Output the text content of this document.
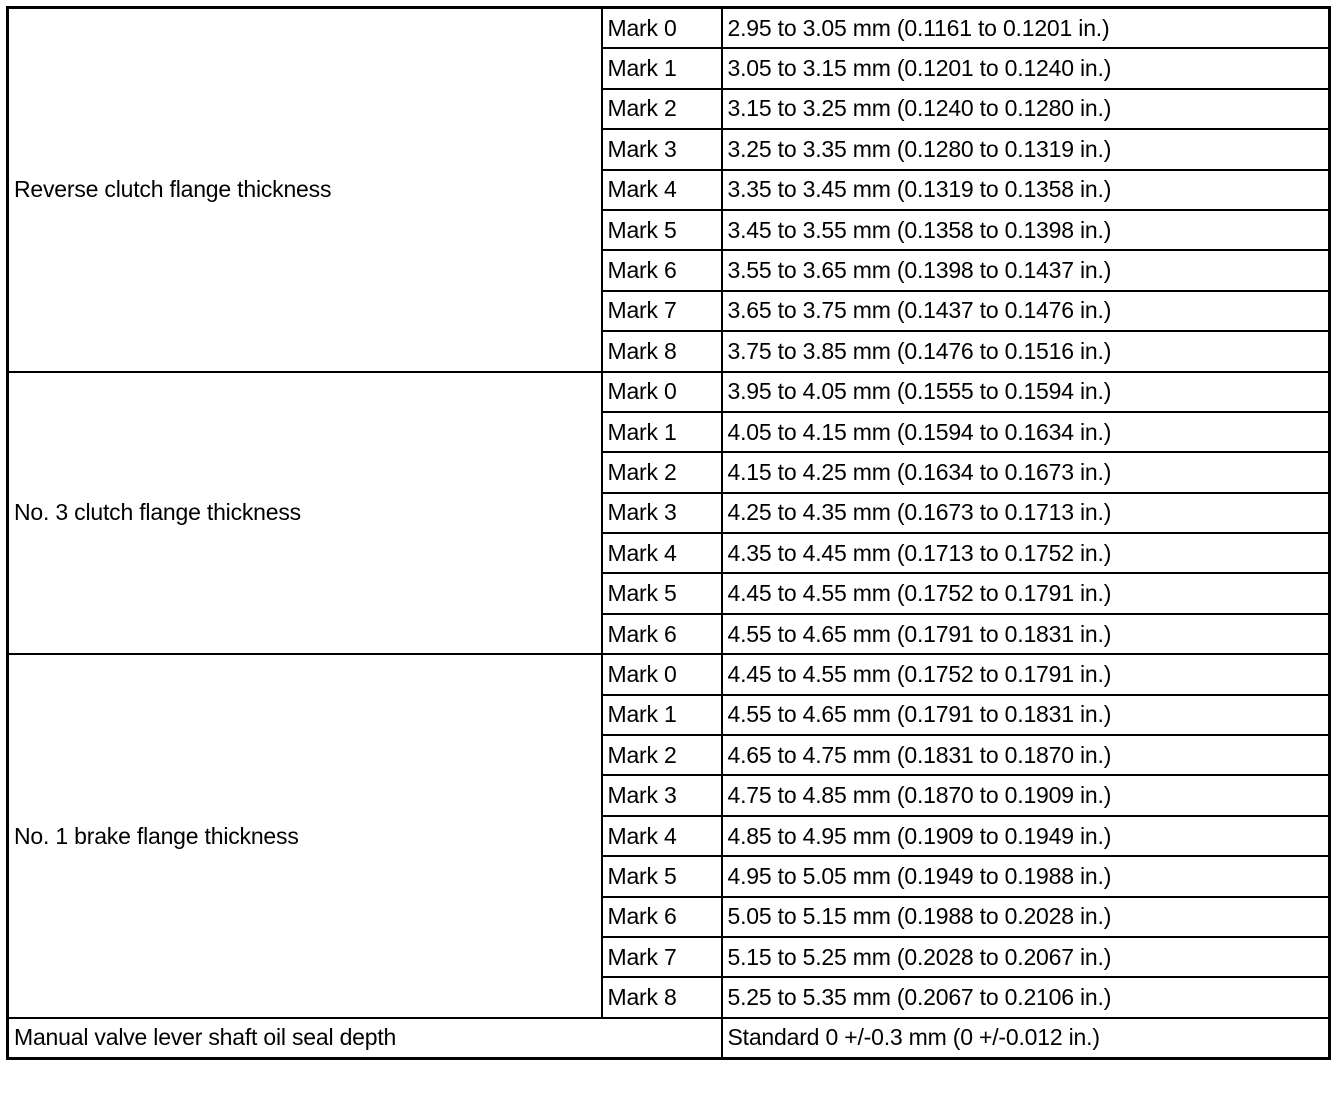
Reverse clutch flange thickness	Mark 0	2.95 to 3.05 mm (0.1161 to 0.1201 in.)
	Mark 1	3.05 to 3.15 mm (0.1201 to 0.1240 in.)
	Mark 2	3.15 to 3.25 mm (0.1240 to 0.1280 in.)
	Mark 3	3.25 to 3.35 mm (0.1280 to 0.1319 in.)
	Mark 4	3.35 to 3.45 mm (0.1319 to 0.1358 in.)
	Mark 5	3.45 to 3.55 mm (0.1358 to 0.1398 in.)
	Mark 6	3.55 to 3.65 mm (0.1398 to 0.1437 in.)
	Mark 7	3.65 to 3.75 mm (0.1437 to 0.1476 in.)
	Mark 8	3.75 to 3.85 mm (0.1476 to 0.1516 in.)
No. 3 clutch flange thickness	Mark 0	3.95 to 4.05 mm (0.1555 to 0.1594 in.)
	Mark 1	4.05 to 4.15 mm (0.1594 to 0.1634 in.)
	Mark 2	4.15 to 4.25 mm (0.1634 to 0.1673 in.)
	Mark 3	4.25 to 4.35 mm (0.1673 to 0.1713 in.)
	Mark 4	4.35 to 4.45 mm (0.1713 to 0.1752 in.)
	Mark 5	4.45 to 4.55 mm (0.1752 to 0.1791 in.)
	Mark 6	4.55 to 4.65 mm (0.1791 to 0.1831 in.)
No. 1 brake flange thickness	Mark 0	4.45 to 4.55 mm (0.1752 to 0.1791 in.)
	Mark 1	4.55 to 4.65 mm (0.1791 to 0.1831 in.)
	Mark 2	4.65 to 4.75 mm (0.1831 to 0.1870 in.)
	Mark 3	4.75 to 4.85 mm (0.1870 to 0.1909 in.)
	Mark 4	4.85 to 4.95 mm (0.1909 to 0.1949 in.)
	Mark 5	4.95 to 5.05 mm (0.1949 to 0.1988 in.)
	Mark 6	5.05 to 5.15 mm (0.1988 to 0.2028 in.)
	Mark 7	5.15 to 5.25 mm (0.2028 to 0.2067 in.)
	Mark 8	5.25 to 5.35 mm (0.2067 to 0.2106 in.)
Manual valve lever shaft oil seal depth		Standard 0 +/-0.3 mm (0 +/-0.012 in.)
